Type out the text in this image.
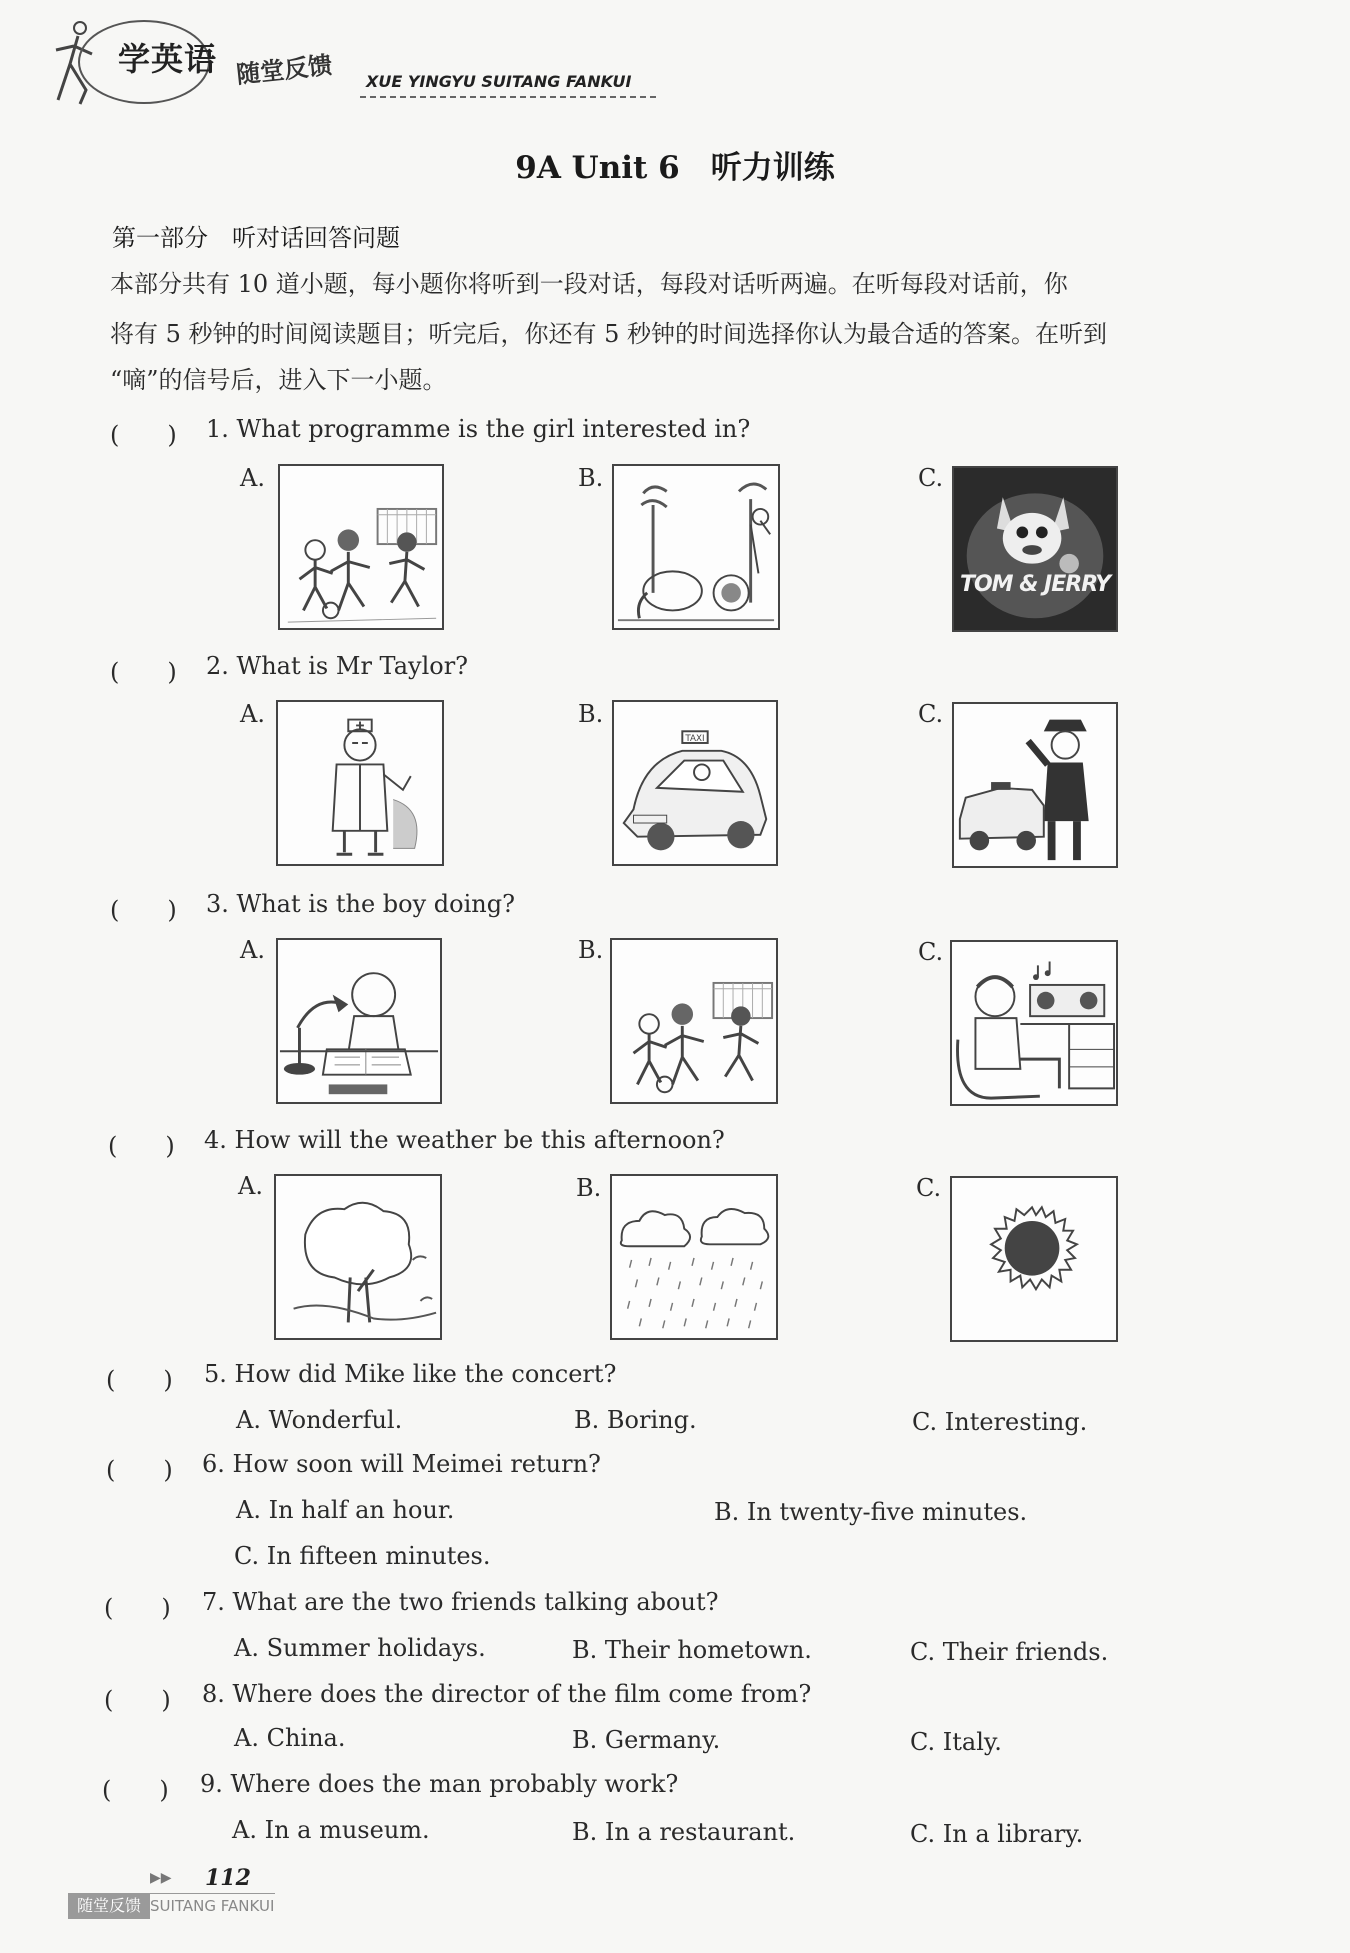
学英语 随堂反馈 XUE YINGYU SUITANG FANKUI
9A Unit 6　听力训练
第一部分　听对话回答问题
本部分共有 10 道小题，每小题你将听到一段对话，每段对话听两遍。在听每段对话前，你
将有 5 秒钟的时间阅读题目；听完后，你还有 5 秒钟的时间选择你认为最合适的答案。在听到
“嘀”的信号后，进入下一小题。
(　　) 1. What programme is the girl interested in?
A.	B.	C.
TOM & JERRY
(　　) 2. What is Mr Taylor?
A.	B.
TAXI
C.
(　　) 3. What is the boy doing?
A.	B.	C.
(　　) 4. How will the weather be this afternoon?
A.	B.	C.
(　　) 5. How did Mike like the concert?
A. Wonderful.	B. Boring.	C. Interesting.
(　　) 6. How soon will Meimei return?
A. In half an hour.	B. In twenty-five minutes.
C. In fifteen minutes.
(　　) 7. What are the two friends talking about?
A. Summer holidays.	B. Their hometown.	C. Their friends.
(　　) 8. Where does the director of the film come from?
A. China.	B. Germany.	C. Italy.
(　　) 9. Where does the man probably work?
A. In a museum.	B. In a restaurant.	C. In a library.
▶▶ 112
随堂反馈 SUITANG FANKUI
